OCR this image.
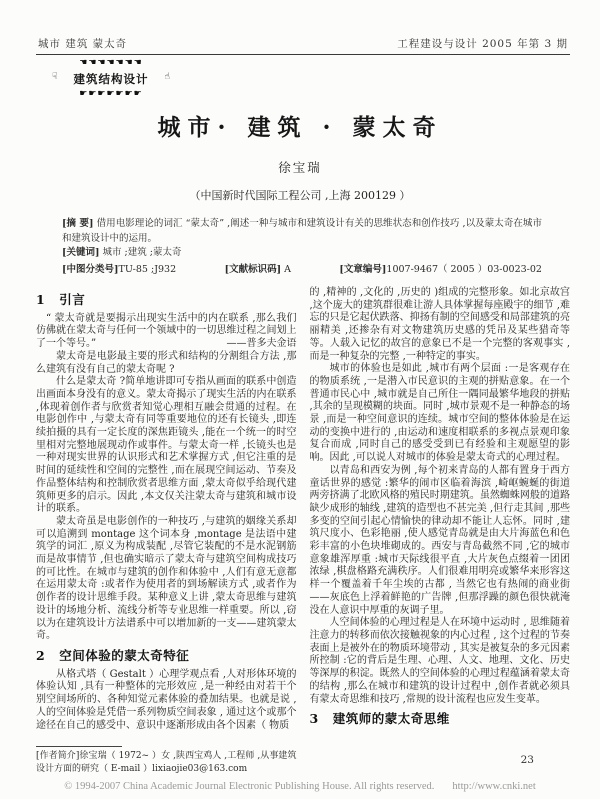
城市 建筑 蒙太奇	工程建设与设计 2005 年第 3 期
☚☚☚☚☚☚☚
☟	☝
建筑结构设计
☛☛☛☛☛☛☛
城市· 建筑 · 蒙太奇
徐宝瑞
（中国新时代国际工程公司 ,上海 200129 ）
[摘 要] 借用电影理论的词汇 “蒙太奇” ,阐述一种与城市和建筑设计有关的思维状态和创作技巧 ,以及蒙太奇在城市和建筑设计中的运用。
[关键词] 城市 ;建筑 ;蒙太奇
[中图分类号]TU-85 ;J932	[文献标识码] A	[文章编号]1007-9467（ 2005 ）03-0023-02
1 引言

“ 蒙太奇就是要揭示出现实生活中的内在联系 ,那么我们仿佛就在蒙太奇与任何一个领域中的一切思维过程之间划上了一个等号。”	——普多夫金语

蒙太奇是电影最主要的形式和结构的分割组合方法 ,那么建筑有没有自己的蒙太奇呢 ?

什么是蒙太奇 ?简单地讲即可专指从画面的联系中创造出画面本身没有的意义。蒙太奇揭示了现实生活的内在联系 ,体现着创作者与欣赏者知觉心理相互融会贯通的过程。在电影创作中 ,与蒙太奇有同等重要地位的还有长镜头 ,即连续拍摄的具有一定长度的深焦距镜头 ,能在一个统一的时空里相对完整地展现动作或事件。与蒙太奇一样 ,长镜头也是一种对现实世界的认识形式和艺术掌握方式 ,但它注重的是时间的延续性和空间的完整性 ,而在展现空间运动、节奏及作品整体结构和控制欣赏者思维方面 ,蒙太奇似乎给现代建筑师更多的启示。因此 ,本文仅关注蒙太奇与建筑和城市设计的联系。

蒙太奇虽是电影创作的一种技巧 ,与建筑的姻缘关系却可以追溯到 montage 这个词本身 ,montage 是法语中建筑学的词汇 ,原义为构成装配 ,尽管它装配的不是水泥钢筋而是故事情节 ,但也确实暗示了蒙太奇与建筑空间构成技巧的可比性。在城市与建筑的创作和体验中 ,人们有意无意都在运用蒙太奇 :或者作为使用者的到场解读方式 ,或者作为创作者的设计思维手段。某种意义上讲 ,蒙太奇思维与建筑设计的场地分析、流线分析等专业思维一样重要。所以 ,窃以为在建筑设计方法谱系中可以增加新的一支——建筑蒙太奇。

2 空间体验的蒙太奇特征

从格式塔（ Gestalt ）心理学观点看 ,人对形体环境的体验认知 ,具有一种整体的完形效应 ,是一种经由对若干个别空间场所的、各种知觉元素体验的叠加结果。也就是说 ,人的空间体验是凭借一系列物质空间表象 , 通过这个或那个途径在自己的感受中、意识中逐渐形成由各个因素（ 物质

[作者简介]徐宝瑞（ 1972~ ）女 ,陕西宝鸡人 ,工程师 ,从事建筑设计方面的研究（ E-mail ）lixiaojie03@163.com

的 ,精神的 ,文化的 ,历史的 )组成的完整形象。如北京故宫 ,这个庞大的建筑群很难让游人具体掌握每座殿宇的细节 ,难忘的只是它起伏跌落、抑扬有制的空间感受和局部建筑的亮丽精美 ,还掺杂有对文物建筑历史感的凭吊及某些猎奇等等。人载入记忆的故宫的意象已不是一个完整的客观事实 ,而是一种复杂的完整 ,一种特定的事实。

城市的体验也是如此 ,城市有两个层面 :一是客观存在的物质系统 ,一是潜入市民意识的主观的拼贴意象。在一个普通市民心中 ,城市就是自己所住一隅同最繁华地段的拼贴 ,其余的呈现模糊的块面。同时 ,城市景观不是一种静态的场景 ,而是一种空间意识的连续。城市空间的整体体验是在运动的变换中进行的 ,由运动和速度相联系的多视点景观印象复合而成 ,同时自己的感受受到已有经验和主观愿望的影响。因此 ,可以说人对城市的体验是蒙太奇式的心理过程。

以青岛和西安为例 ,每个初来青岛的人都有置身于西方童话世界的感觉 :繁华的闹市区临着海滨 ,崎岖蜿蜒的街道两旁挤满了北欧风格的殖民时期建筑。虽然蜘蛛网般的道路缺少成形的轴线 ,建筑的造型也不甚完美 ,但行走其间 ,那些多变的空间引起心情愉快的律动却不能让人忘怀。同时 ,建筑尺度小、色彩艳丽 ,使人感觉青岛就是由大片海蓝色和色彩丰富的小色块堆砌成的。西安与青岛截然不同 ,它的城市意象雄浑厚重 :城市天际线很平直 ,大片灰色点缀着一团团浓绿 ,棋盘格路充满秩序。人们很难用明亮或繁华来形容这样一个覆盖着千年尘埃的古都 , 当然它也有热闹的商业街——灰底色上浮着鲜艳的广告牌 ,但那浮躁的颜色很快就淹没在人意识中厚重的灰调子里。

人空间体验的心理过程是人在环境中运动时 , 思维随着注意力的转移而依次接触视象的内心过程 , 这个过程的节奏表面上是被外在的物质环境带动 , 其实是被复杂的多元因素所控制 :它的背后是生理、心理、人文、地理、文化、历史等深厚的积淀。既然人的空间体验的心理过程蕴涵着蒙太奇的结构 ,那么在城市和建筑的设计过程中 ,创作者就必须具有蒙太奇思维和技巧 ,常规的设计流程也应发生变革。

3 建筑师的蒙太奇思维
23
© 1994-2007 China Academic Journal Electronic Publishing House. All rights reserved. http://www.cnki.net
